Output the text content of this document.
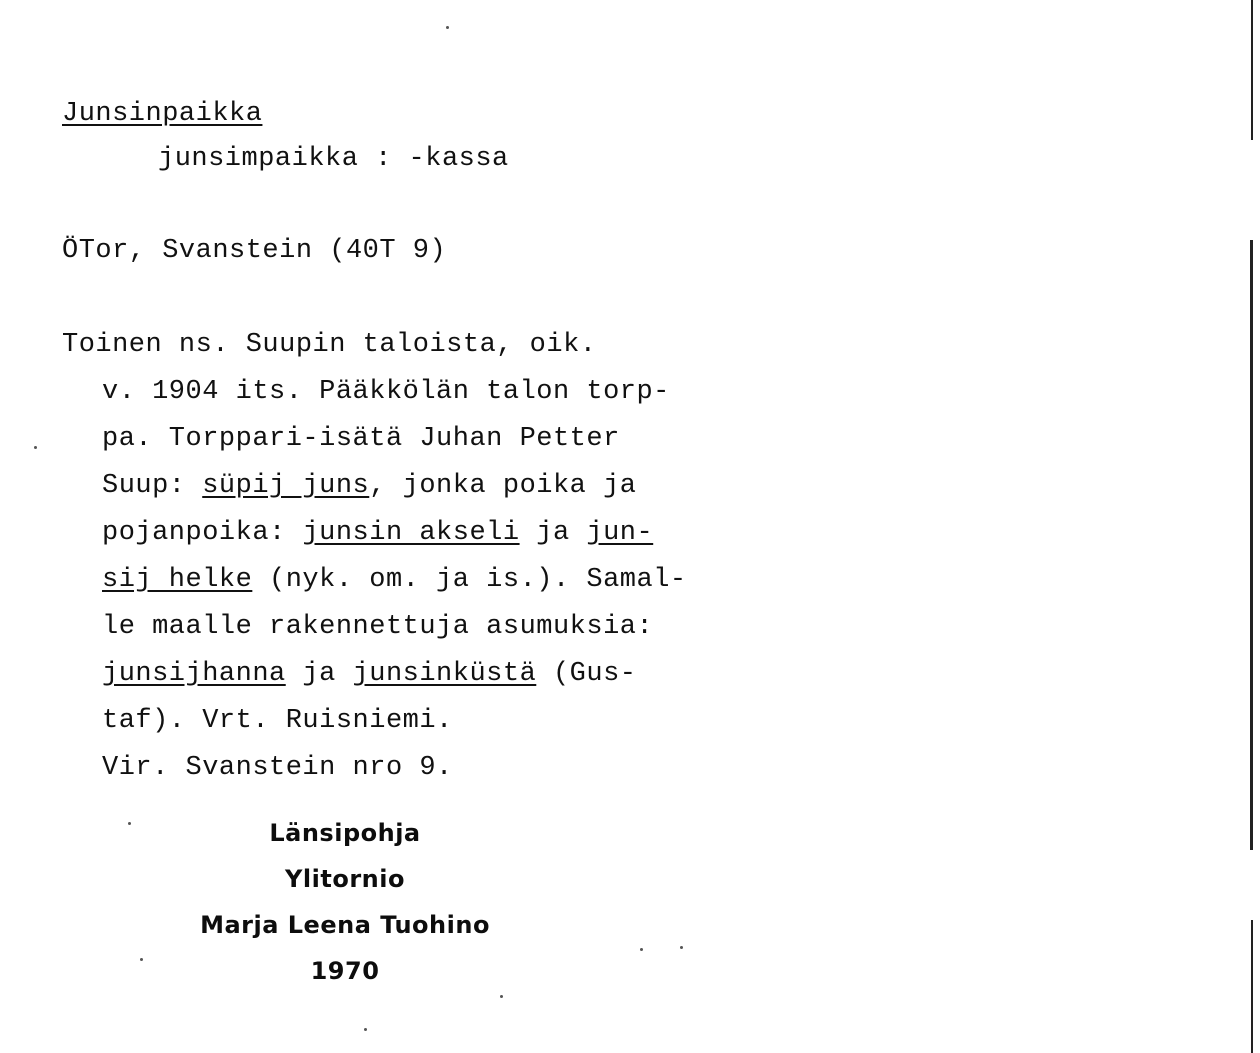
Junsinpaikka
junsimpaikka : -kassa
ÖTor, Svanstein (40T 9)
Toinen ns. Suupin taloista, oik.
v. 1904 its. Pääkkölän talon torp-
pa. Torppari-isätä Juhan Petter
Suup: süpij juns, jonka poika ja
pojanpoika: junsin akseli ja jun-
sij helke (nyk. om. ja is.). Samal-
le maalle rakennettuja asumuksia:
junsijhanna ja junsinküstä (Gus-
taf). Vrt. Ruisniemi.
Vir. Svanstein nro 9.
Länsipohja
Ylitornio
Marja Leena Tuohino
1970
